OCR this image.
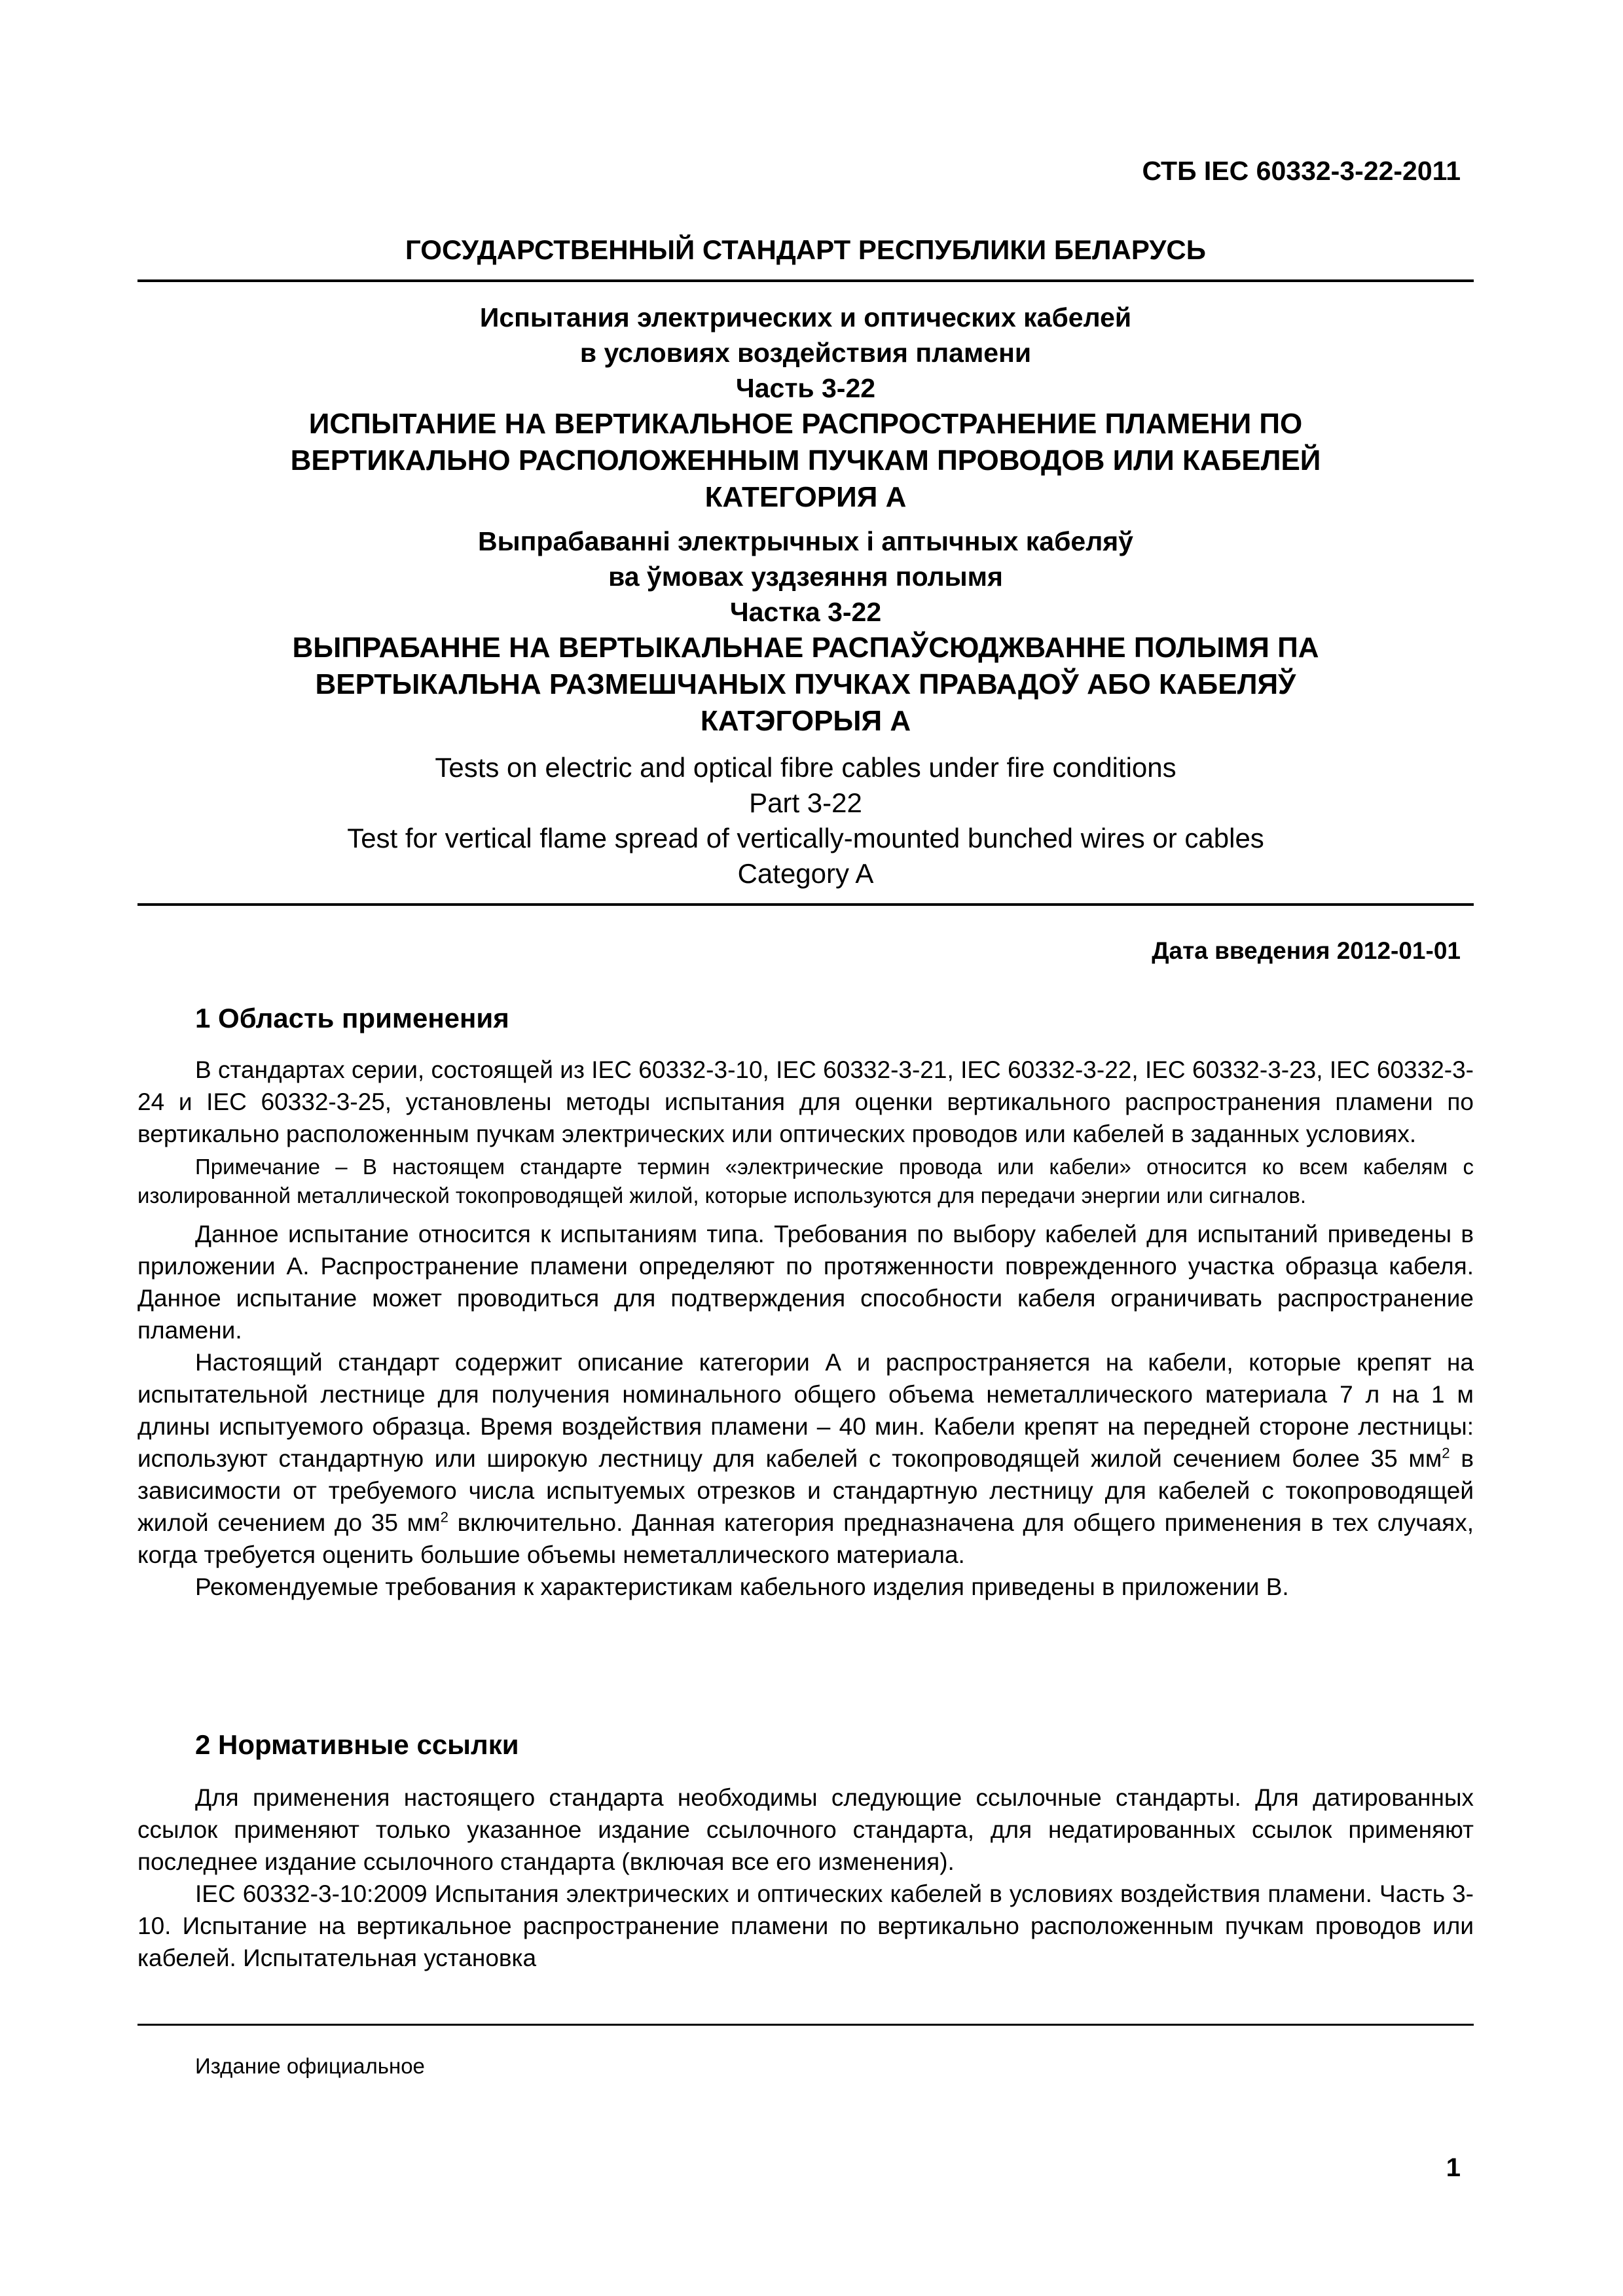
СТБ IEC 60332-3-22-2011
ГОСУДАРСТВЕННЫЙ СТАНДАРТ РЕСПУБЛИКИ БЕЛАРУСЬ
Испытания электрических и оптических кабелей
в условиях воздействия пламени
Часть 3-22
ИСПЫТАНИЕ НА ВЕРТИКАЛЬНОЕ РАСПРОСТРАНЕНИЕ ПЛАМЕНИ ПО
ВЕРТИКАЛЬНО РАСПОЛОЖЕННЫМ ПУЧКАМ ПРОВОДОВ ИЛИ КАБЕЛЕЙ
КАТЕГОРИЯ А
Выпрабаванні электрычных і аптычных кабеляў
ва ўмовах уздзеяння полымя
Частка 3-22
ВЫПРАБАННЕ НА ВЕРТЫКАЛЬНАЕ РАСПАЎСЮДЖВАННЕ ПОЛЫМЯ ПА
ВЕРТЫКАЛЬНА РАЗМЕШЧАНЫХ ПУЧКАХ ПРАВАДОЎ АБО КАБЕЛЯЎ
КАТЭГОРЫЯ А
Tests on electric and optical fibre cables under fire conditions
Part 3-22
Test for vertical flame spread of vertically-mounted bunched wires or cables
Category A
Дата введения 2012-01-01
1 Область применения

В стандартах серии, состоящей из IEC 60332-3-10, IEC 60332-3-21, IEC 60332-3-22, IEC 60332-3-23, IEC 60332-3-24 и IEC 60332-3-25, установлены методы испытания для оценки вертикального распространения пламени по вертикально расположенным пучкам электрических или оптических проводов или кабелей в заданных условиях.

Примечание – В настоящем стандарте термин «электрические провода или кабели» относится ко всем кабелям с изолированной металлической токопроводящей жилой, которые используются для передачи энергии или сигналов.

Данное испытание относится к испытаниям типа. Требования по выбору кабелей для испытаний приведены в приложении А. Распространение пламени определяют по протяженности поврежденного участка образца кабеля. Данное испытание может проводиться для подтверждения способности кабеля ограничивать распространение пламени.

Настоящий стандарт содержит описание категории А и распространяется на кабели, которые крепят на испытательной лестнице для получения номинального общего объема неметаллического материала 7 л на 1 м длины испытуемого образца. Время воздействия пламени – 40 мин. Кабели крепят на передней стороне лестницы: используют стандартную или широкую лестницу для кабелей с токопроводящей жилой сечением более 35 $мм^2$ в зависимости от требуемого числа испытуемых отрезков и стандартную лестницу для кабелей с токопроводящей жилой сечением до 35 $мм^2$ включительно. Данная категория предназначена для общего применения в тех случаях, когда требуется оценить большие объемы неметаллического материала.

Рекомендуемые требования к характеристикам кабельного изделия приведены в приложении В.

2 Нормативные ссылки

Для применения настоящего стандарта необходимы следующие ссылочные стандарты. Для датированных ссылок применяют только указанное издание ссылочного стандарта, для недатированных ссылок применяют последнее издание ссылочного стандарта (включая все его изменения).

IEC 60332-3-10:2009 Испытания электрических и оптических кабелей в условиях воздействия пламени. Часть 3-10. Испытание на вертикальное распространение пламени по вертикально расположенным пучкам проводов или кабелей. Испытательная установка

Издание официальное
1
